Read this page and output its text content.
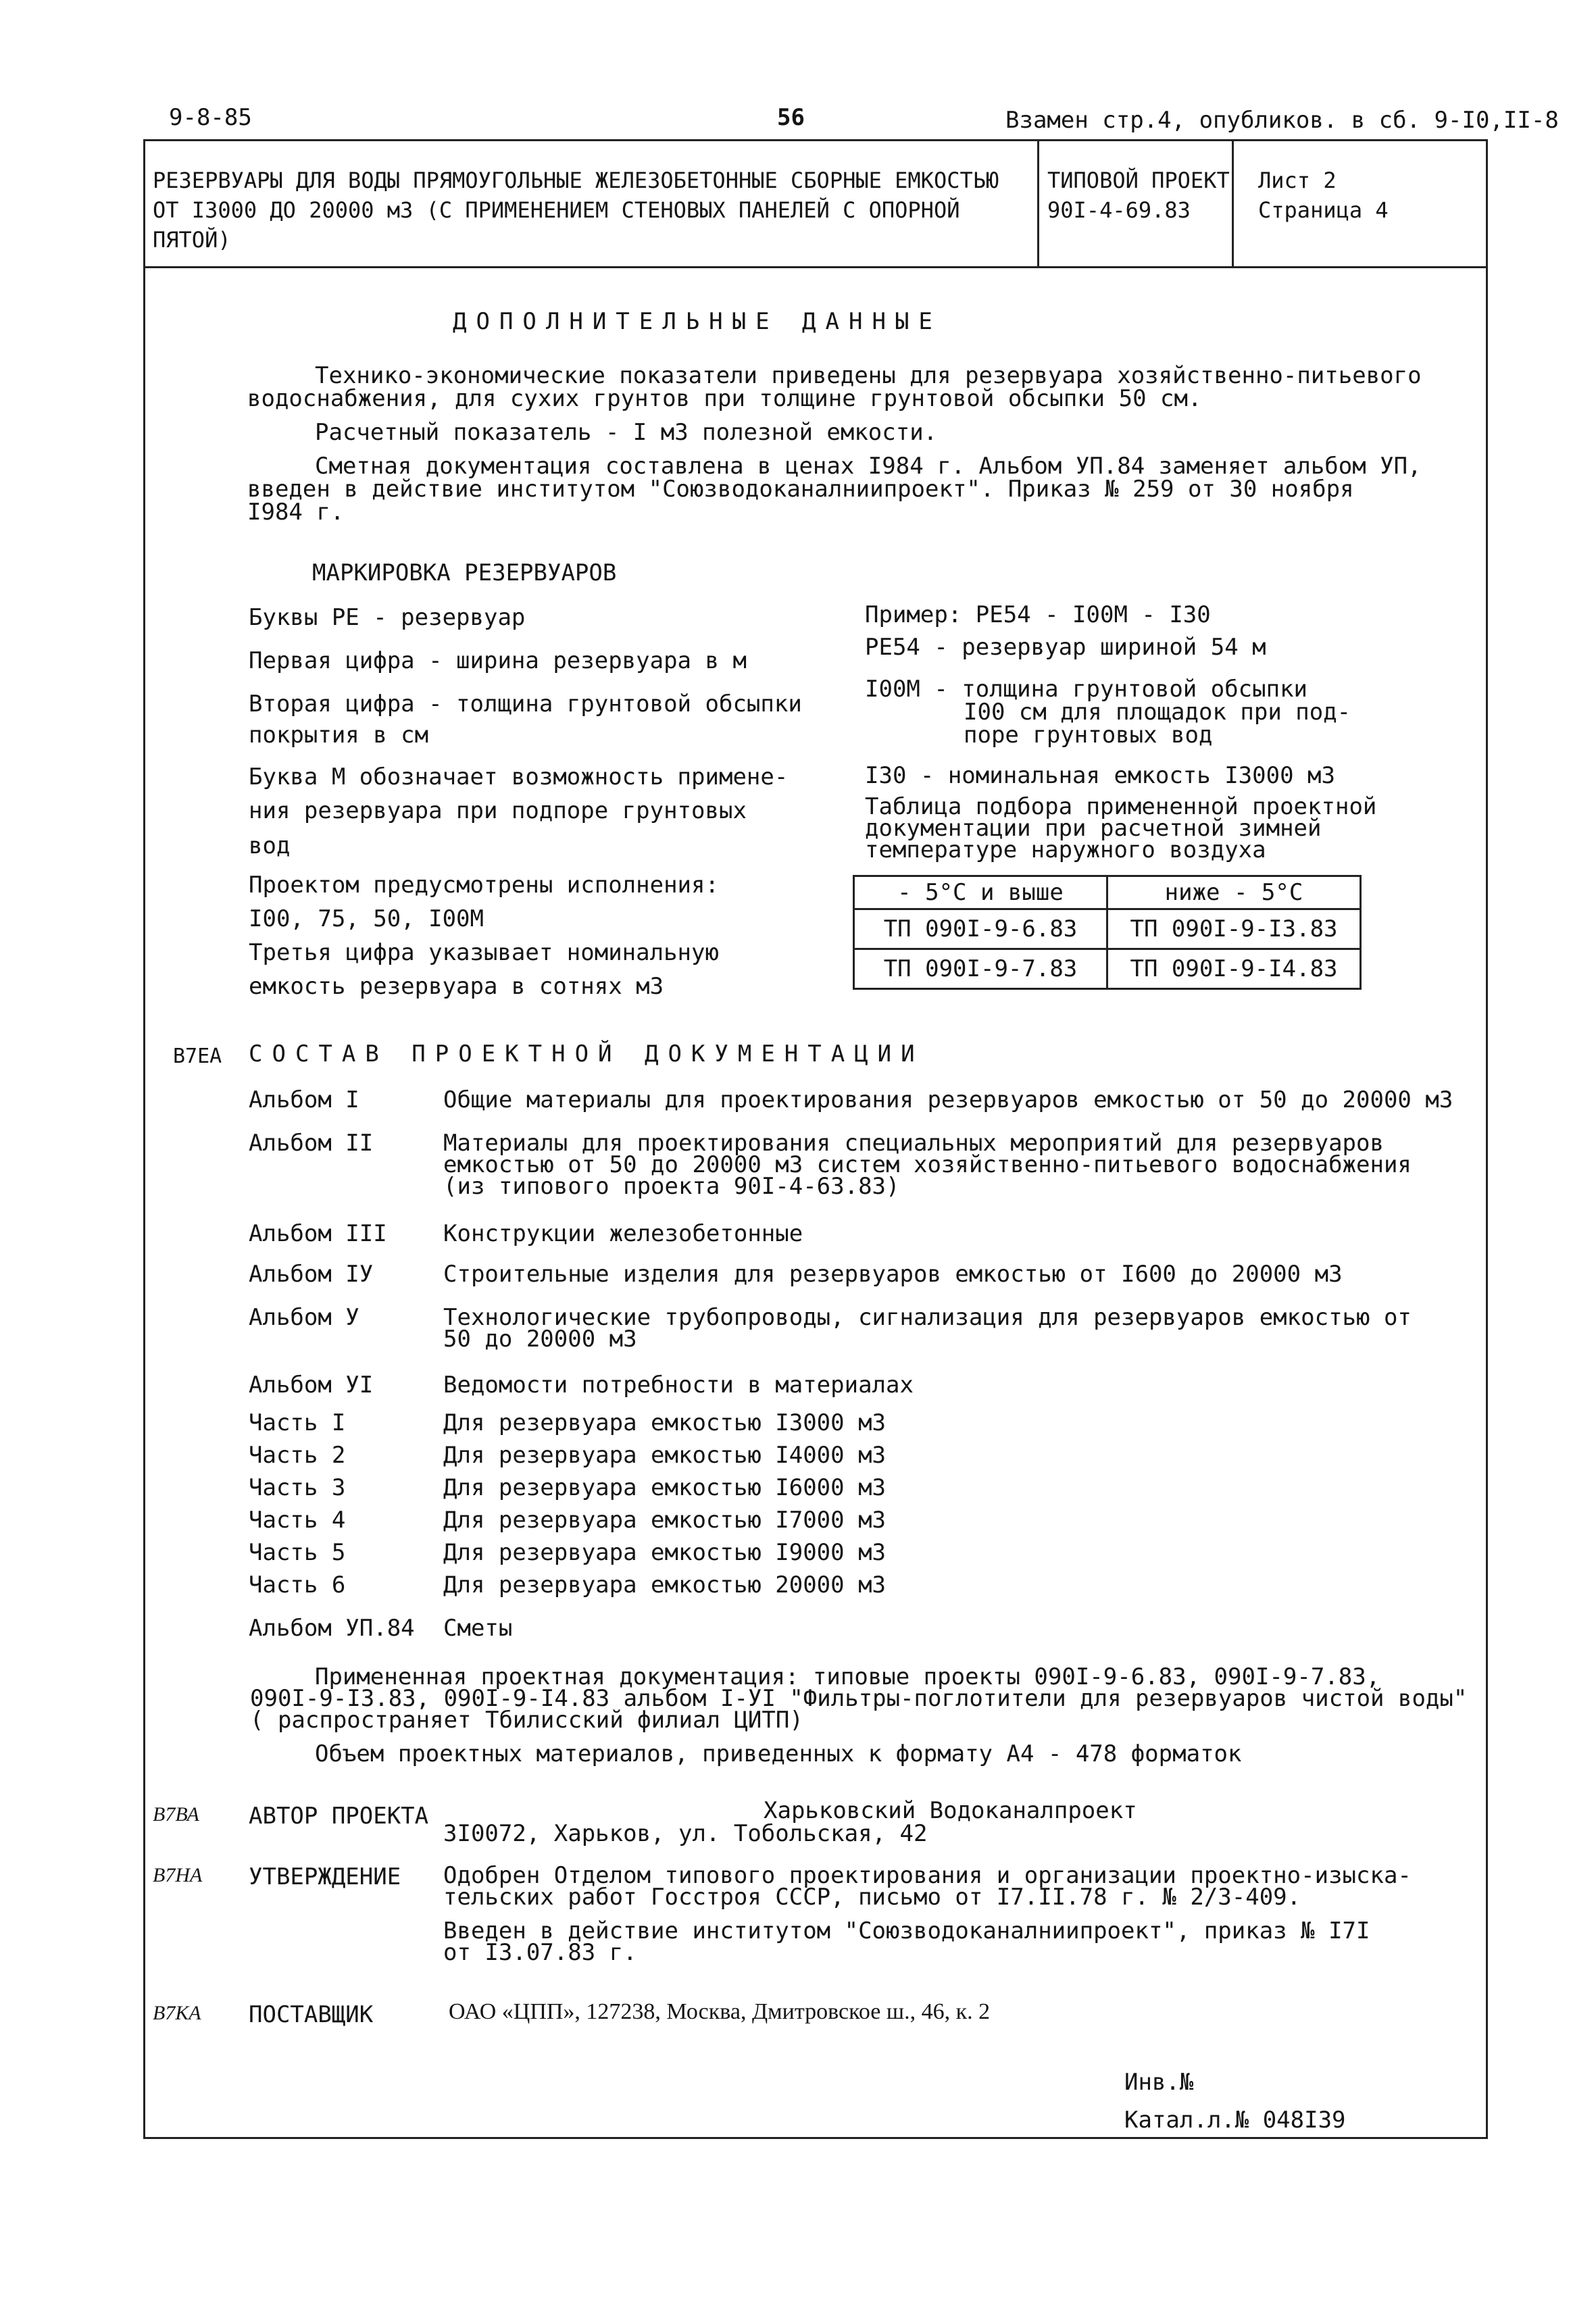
9-8-85	56	Взамен стр.4, опубликов. в сб. 9-I0,II-8
РЕЗЕРВУАРЫ ДЛЯ ВОДЫ ПРЯМОУГОЛЬНЫЕ ЖЕЛЕЗОБЕТОННЫЕ СБОРНЫЕ ЕМКОСТЬЮ
ОТ I3000 ДО 20000 м3 (С ПРИМЕНЕНИЕМ СТЕНОВЫХ ПАНЕЛЕЙ С ОПОРНОЙ
ПЯТОЙ)
ТИПОВОЙ ПРОЕКТ
90I-4-69.83
Лист 2
Страница 4
ДОПОЛНИТЕЛЬНЫЕ ДАННЫЕ
Технико-экономические показатели приведены для резервуара хозяйственно-питьевого
водоснабжения, для сухих грунтов при толщине грунтовой обсыпки 50 см.
Расчетный показатель - I м3 полезной емкости.
Сметная документация составлена в ценах I984 г. Альбом УП.84 заменяет альбом УП,
введен в действие институтом "Союзводоканалниипроект". Приказ № 259 от 30 ноября
I984 г.
МАРКИРОВКА РЕЗЕРВУАРОВ
Буквы РЕ - резервуар
Первая цифра - ширина резервуара в м
Вторая цифра - толщина грунтовой обсыпки
покрытия в см
Буква М обозначает возможность примене-
ния резервуара при подпоре грунтовых
вод
Проектом предусмотрены исполнения:
I00, 75, 50, I00М
Третья цифра указывает номинальную
емкость резервуара в сотнях м3
Пример: РЕ54 - I00М - I30
РЕ54 - резервуар шириной 54 м
I00М - толщина грунтовой обсыпки
I00 см для площадок при под-
поре грунтовых вод
I30 - номинальная емкость I3000 м3
Таблица подбора примененной проектной
документации при расчетной зимней
температуре наружного воздуха
- 5°С и выше	ниже - 5°С
ТП 090I-9-6.83	ТП 090I-9-I3.83
ТП 090I-9-7.83	ТП 090I-9-I4.83
В7ЕА СОСТАВ ПРОЕКТНОЙ ДОКУМЕНТАЦИИ
Альбом I	Общие материалы для проектирования резервуаров емкостью от 50 до 20000 м3
Альбом II	Материалы для проектирования специальных мероприятий для резервуаров
емкостью от 50 до 20000 м3 систем хозяйственно-питьевого водоснабжения
(из типового проекта 90I-4-63.83)
Альбом III Конструкции железобетонные
Альбом IУ	Строительные изделия для резервуаров емкостью от I600 до 20000 м3
Альбом У	Технологические трубопроводы, сигнализация для резервуаров емкостью от
50 до 20000 м3
Альбом УI	Ведомости потребности в материалах
Часть I	Для резервуара емкостью I3000 м3
Часть 2	Для резервуара емкостью I4000 м3
Часть 3	Для резервуара емкостью I6000 м3
Часть 4	Для резервуара емкостью I7000 м3
Часть 5	Для резервуара емкостью I9000 м3
Часть 6	Для резервуара емкостью 20000 м3
Альбом УП.84 Сметы
Примененная проектная документация: типовые проекты 090I-9-6.83, 090I-9-7.83,
090I-9-I3.83, 090I-9-I4.83 альбом I-УI "Фильтры-поглотители для резервуаров чистой воды"
( распространяет Тбилисский филиал ЦИТП)
Объем проектных материалов, приведенных к формату А4 - 478 форматок
В7ВА АВТОР ПРОЕКТА	Харьковский Водоканалпроект
3I0072, Харьков, ул. Тобольская, 42
В7НА УТВЕРЖДЕНИЕ Одобрен Отделом типового проектирования и организации проектно-изыска-
тельских работ Госстроя СССР, письмо от I7.II.78 г. № 2/3-409.
Введен в действие институтом "Союзводоканалниипроект", приказ № I7I
от I3.07.83 г.
В7КА ПОСТАВЩИК	ОАО «ЦПП», 127238, Москва, Дмитровское ш., 46, к. 2
Инв.№
Катал.л.№ 048I39
